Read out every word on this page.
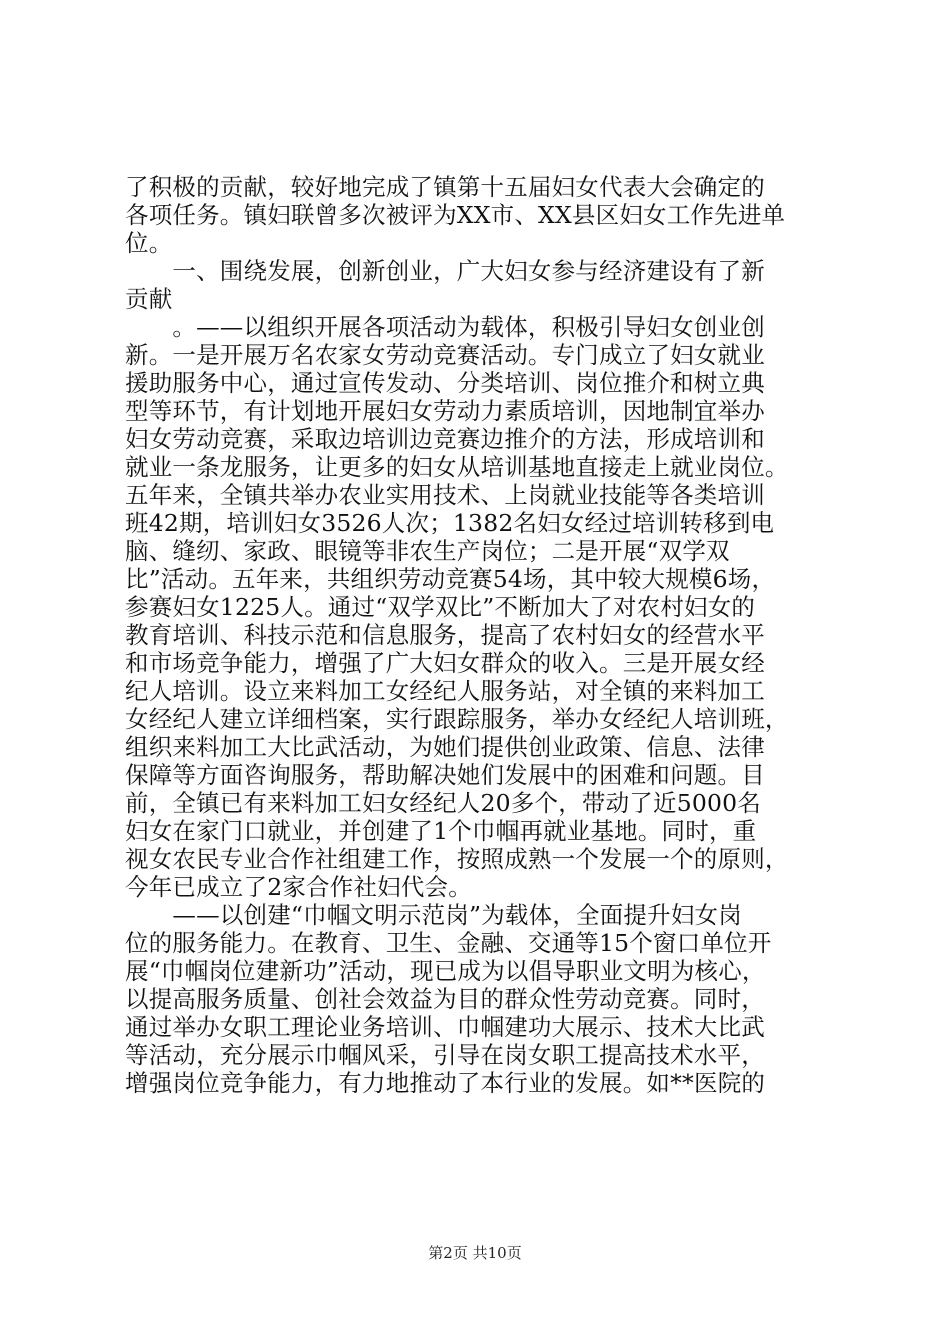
了积极的贡献，较好地完成了镇第十五届妇女代表大会确定的
各项任务。镇妇联曾多次被评为XX市、XX县区妇女工作先进单
位。
　　一、围绕发展，创新创业，广大妇女参与经济建设有了新
贡献
　　。——以组织开展各项活动为载体，积极引导妇女创业创
新。一是开展万名农家女劳动竞赛活动。专门成立了妇女就业
援助服务中心，通过宣传发动、分类培训、岗位推介和树立典
型等环节，有计划地开展妇女劳动力素质培训，因地制宜举办
妇女劳动竞赛，采取边培训边竞赛边推介的方法，形成培训和
就业一条龙服务，让更多的妇女从培训基地直接走上就业岗位。
五年来，全镇共举办农业实用技术、上岗就业技能等各类培训
班42期，培训妇女3526人次；1382名妇女经过培训转移到电
脑、缝纫、家政、眼镜等非农生产岗位；二是开展“双学双
比”活动。五年来，共组织劳动竞赛54场，其中较大规模6场，
参赛妇女1225人。通过“双学双比”不断加大了对农村妇女的
教育培训、科技示范和信息服务，提高了农村妇女的经营水平
和市场竞争能力，增强了广大妇女群众的收入。三是开展女经
纪人培训。设立来料加工女经纪人服务站，对全镇的来料加工
女经纪人建立详细档案，实行跟踪服务，举办女经纪人培训班，
组织来料加工大比武活动，为她们提供创业政策、信息、法律
保障等方面咨询服务，帮助解决她们发展中的困难和问题。目
前，全镇已有来料加工妇女经纪人20多个，带动了近5000名
妇女在家门口就业，并创建了1个巾帼再就业基地。同时，重
视女农民专业合作社组建工作，按照成熟一个发展一个的原则，
今年已成立了2家合作社妇代会。
　　——以创建“巾帼文明示范岗”为载体，全面提升妇女岗
位的服务能力。在教育、卫生、金融、交通等15个窗口单位开
展“巾帼岗位建新功”活动，现已成为以倡导职业文明为核心，
以提高服务质量、创社会效益为目的群众性劳动竞赛。同时，
通过举办女职工理论业务培训、巾帼建功大展示、技术大比武
等活动，充分展示巾帼风采，引导在岗女职工提高技术水平，
增强岗位竞争能力，有力地推动了本行业的发展。如**医院的
第2页 共10页
